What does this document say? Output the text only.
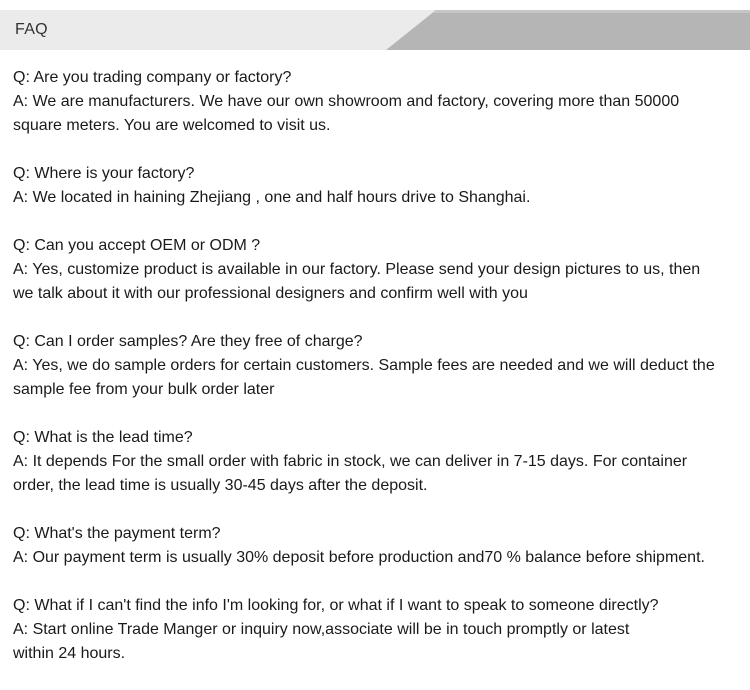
FAQ
Q: Are you trading company or factory?
A: We are manufacturers. We have our own showroom and factory, covering more than 50000 square meters. You are welcomed to visit us.
Q: Where is your factory?
A: We located in haining Zhejiang , one and half hours drive to Shanghai.
Q: Can you accept OEM or ODM ?
A: Yes, customize product is available in our factory. Please send your design pictures to us, then we talk about it with our professional designers and confirm well with you
Q: Can I order samples? Are they free of charge?
A: Yes, we do sample orders for certain customers. Sample fees are needed and we will deduct the sample fee from your bulk order later
Q: What is the lead time?
A: It depends For the small order with fabric in stock, we can deliver in 7-15 days. For container order, the lead time is usually 30-45 days after the deposit.
Q: What's the payment term?
A: Our payment term is usually 30% deposit before production and70 % balance before shipment.
Q: What if I can't find the info I'm looking for, or what if I want to speak to someone directly?
A: Start online Trade Manger or inquiry now,associate will be in touch promptly or latest within 24 hours.
